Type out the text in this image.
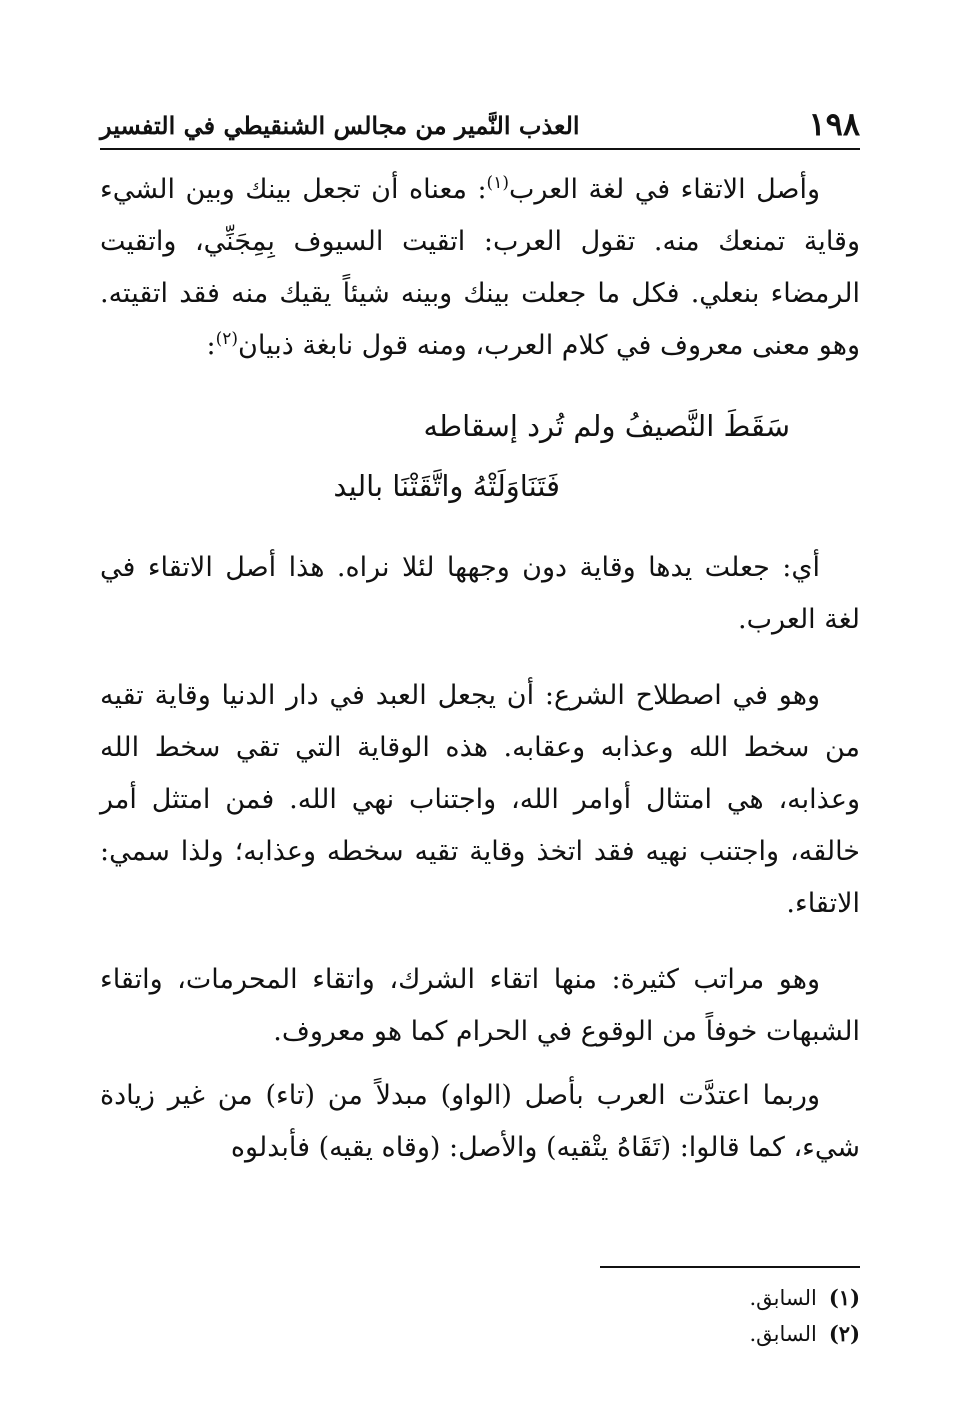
١٩٨
العذب النَّمير من مجالس الشنقيطي في التفسير

وأصل الاتقاء في لغة العرب$^{(١)}$: معناه أن تجعل بينك وبين الشيء وقاية تمنعك منه. تقول العرب: اتقيت السيوف بِمِجَنِّي، واتقيت الرمضاء بنعلي. فكل ما جعلت بينك وبينه شيئاً يقيك منه فقد اتقيته. وهو معنى معروف في كلام العرب، ومنه قول نابغة ذبيان$^{(٢)}$:

سَقَطَ النَّصيفُ ولم تُرد إسقاطه
فَتَنَاوَلَتْهُ واتَّقَتْنَا باليد

أي: جعلت يدها وقاية دون وجهها لئلا نراه. هذا أصل الاتقاء في لغة العرب.

وهو في اصطلاح الشرع: أن يجعل العبد في دار الدنيا وقاية تقيه من سخط الله وعذابه وعقابه. هذه الوقاية التي تقي سخط الله وعذابه، هي امتثال أوامر الله، واجتناب نهي الله. فمن امتثل أمر خالقه، واجتنب نهيه فقد اتخذ وقاية تقيه سخطه وعذابه؛ ولذا سمي: الاتقاء.

وهو مراتب كثيرة: منها اتقاء الشرك، واتقاء المحرمات، واتقاء الشبهات خوفاً من الوقوع في الحرام كما هو معروف.

وربما اعتدَّت العرب بأصل (الواو) مبدلاً من (تاء) من غير زيادة شيء، كما قالوا: (تَقَاهُ يتْقيه) والأصل: (وقاه يقيه) فأبدلوه

(١)السابق.
(٢)السابق.
